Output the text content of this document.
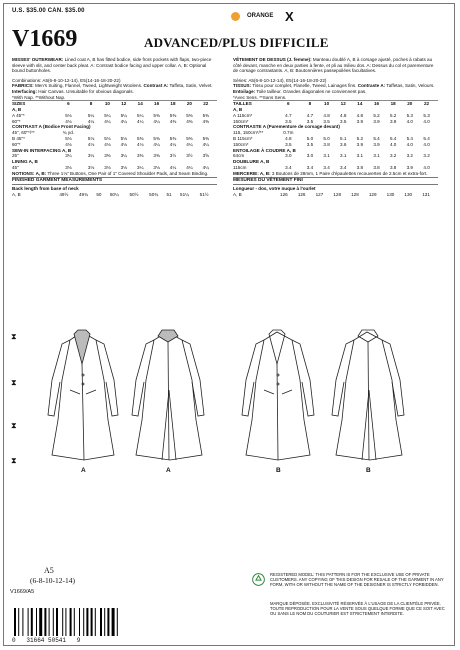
U.S. $35.00 CAN. $35.00
ORANGE X
V1669	ADVANCED/PLUS DIFFICILE

MISSES' OUTERWEAR: Lined coat A, B has fitted bodice, side front pockets with flaps, two-piece sleeve with slit, and center back pleat. A: Contrast bodice facing and upper collar. A, B: Optional bound buttonholes.

Combinations: A5(6-8-10-12-14), E5(14-16-18-20-22)

FABRICS: Men's Suiting, Flannel, Tweed, Lightweight Woolens. Contrast A: Taffeta, Satin, Velvet. Interfacing: Hair Canvas. Unsuitable for obvious diagonals.

*With Nap. **Without Nap.

SIZES	6	8	10	12	14	16	18	20	22
A, B									
A 45"*	5⅛	5¼	5¼	5¼	5¼	5⅜	5⅜	5⅜	5⅜
60"*	4⅛	4¼	4¼	4¼	4¼	4¼	4⅜	4⅜	4⅜
CONTRAST A (Bodice Front Facing)									
45", 60"*/**	¾ yd.								
B 45"*	5⅛	5⅛	5⅛	5⅛	5⅜	5⅜	5⅜	5⅜	5⅜
60"*	4⅛	4⅛	4⅛	4⅛	4⅛	4¼	4¼	4¼	4¼
SEW-IN INTERFACING A, B									
25"	3¼	3¼	3⅜	3¼	3⅜	3⅜	3½	3½	3⅝
LINING A, B									
45"	3⅛	3⅛	3⅛	3⅛	3¼	3⅛	4¼	4¼	4¼

NOTIONS: A, B: Three 1⅛" Buttons, One Pair of 1" Covered Shoulder Pads, and Seam Binding.

FINISHED GARMENT MEASUREMENTS

Back length from base of neck

A, B	49½	49¾	50	50¼	50½	50¾	51	51¼	51½

VÊTEMENT DE DESSUS (J. femme): Manteau doublé A, B à corsage ajusté, poches à rabats au côté devant, manche en deux parties à fente, et pli au milieu dos. A: Dessus du col et parementure de corsage contrastants. A, B: Boutonnières passepoilées facultatives.

Séries: A5(6-8-10-12-14), E5(14-16-18-20-22)

TISSUS: Tissu pour complet, Flanelle, Tweed, Lainages fins. Contraste A: Taffetas, Satin, Velours. Entoilage: Toile tailleur. Grandes diagonales ne conviennent pas.

*Avec Sens. **Sans Sens.

TAILLES	6	8	10	12	14	16	18	20	22
A, B									
A 115cm*	4.7	4.7	4.8	4.8	4.8	5.2	5.2	5.3	5.3
150cm*	3.5	3.5	3.5	3.5	3.9	3.9	3.9	4.0	4.0
CONTRASTE A (Parementure de corsage devant)									
115, 150cm*/**	0.7m								
B 115cm*	4.8	5.0	5.0	5.1	5.2	5.4	5.4	5.4	5.4
150cm*	3.5	3.5	3.8	3.6	3.9	3.9	4.0	4.0	4.0
ENTOILAGE À COUDRE A, B									
64cm	3.0	3.0	3.1	3.1	3.1	3.1	3.2	3.2	3.2
DOUBLURE A, B									
115cm	3.4	3.4	3.4	3.4	3.8	3.8	3.8	3.9	4.0

MERCERIE: A, B: 3 Boutons de 28mm, 1 Paire d'épaulettes recouvertes de 2.5cm et extra-fort.

MESURES DU VÊTEMENT FINI

Longueur - dos, votre nuque à l'ourlet

A, B	126	126	127	128	128	129	130	130	131
⧗
⧗
⧗
⧗
A	A	B	B
A5
(6-8-10-12-14)
V1669/A5
0   31664 50541   9
REGISTERED MODEL: THIS PATTERN IS FOR THE EXCLUSIVE USE OF PRIVATE CUSTOMERS. ANY COPYING OF THIS DESIGN FOR RESALE OF THE GARMENT IN ANY FORM, WITH OR WITHOUT THE NAME OF THE DESIGNER IS STRICTLY FORBIDDEN.
MARQUE DÉPOSÉE. EXCLUSIVITÉ RÉSERVÉE À L'USAGE DE LA CLIENTÈLE PRIVÉE. TOUTE REPRODUCTION POUR LA VENTE SOUS QUELQUE FORME QUE CE SOIT AVEC OU SANS LE NOM DU COUTURIER EST STRICTEMENT INTERDITE.
